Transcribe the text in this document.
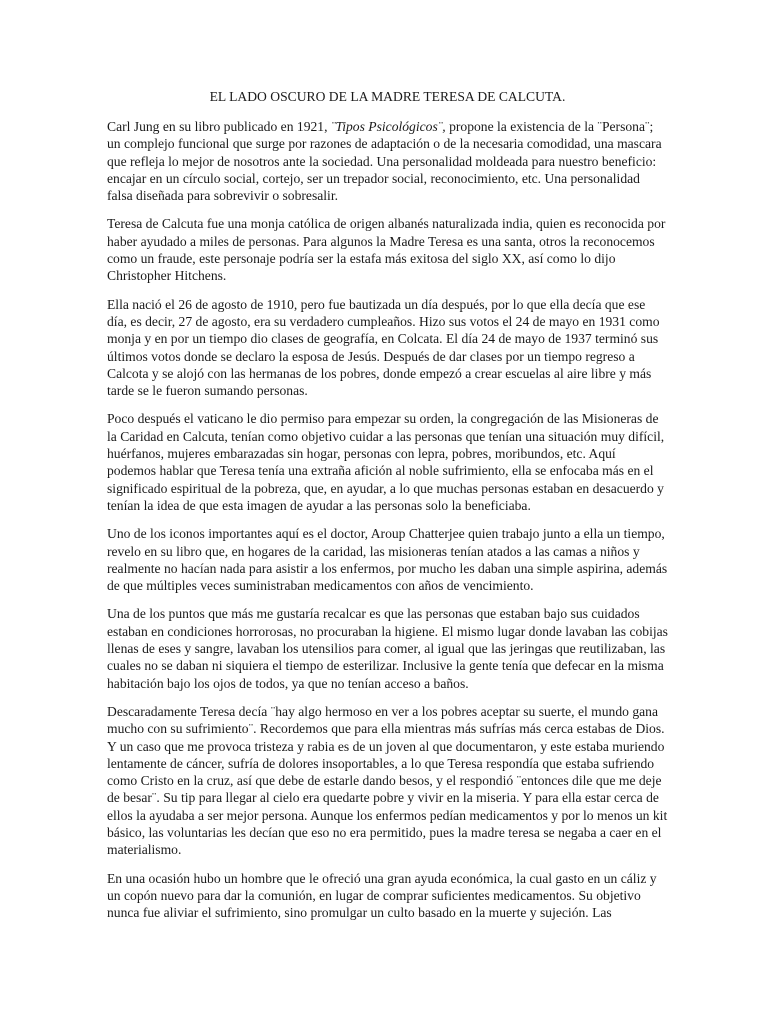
EL LADO OSCURO DE LA MADRE TERESA DE CALCUTA.

Carl Jung en su libro publicado en 1921, ¨Tipos Psicológicos¨, propone la existencia de la ¨Persona¨; un complejo funcional que surge por razones de adaptación o de la necesaria comodidad, una mascara que refleja lo mejor de nosotros ante la sociedad. Una personalidad moldeada para nuestro beneficio: encajar en un círculo social, cortejo, ser un trepador social, reconocimiento, etc. Una personalidad falsa diseñada para sobrevivir o sobresalir.

Teresa de Calcuta fue una monja católica de origen albanés naturalizada india, quien es reconocida por haber ayudado a miles de personas. Para algunos la Madre Teresa es una santa, otros la reconocemos como un fraude, este personaje podría ser la estafa más exitosa del siglo XX, así como lo dijo Christopher Hitchens.

Ella nació el 26 de agosto de 1910, pero fue bautizada un día después, por lo que ella decía que ese día, es decir, 27 de agosto, era su verdadero cumpleaños. Hizo sus votos el 24 de mayo en 1931 como monja y en por un tiempo dio clases de geografía, en Colcata. El día 24 de mayo de 1937 terminó sus últimos votos donde se declaro la esposa de Jesús. Después de dar clases por un tiempo regreso a Calcota y se alojó con las hermanas de los pobres, donde empezó a crear escuelas al aire libre y más tarde se le fueron sumando personas.

Poco después el vaticano le dio permiso para empezar su orden, la congregación de las Misioneras de la Caridad en Calcuta, tenían como objetivo cuidar a las personas que tenían una situación muy difícil, huérfanos, mujeres embarazadas sin hogar, personas con lepra, pobres, moribundos, etc. Aquí podemos hablar que Teresa tenía una extraña afición al noble sufrimiento, ella se enfocaba más en el significado espiritual de la pobreza, que, en ayudar, a lo que muchas personas estaban en desacuerdo y tenían la idea de que esta imagen de ayudar a las personas solo la beneficiaba.

Uno de los iconos importantes aquí es el doctor, Aroup Chatterjee quien trabajo junto a ella un tiempo, revelo en su libro que, en hogares de la caridad, las misioneras tenían atados a las camas a niños y realmente no hacían nada para asistir a los enfermos, por mucho les daban una simple aspirina, además de que múltiples veces suministraban medicamentos con años de vencimiento.

Una de los puntos que más me gustaría recalcar es que las personas que estaban bajo sus cuidados estaban en condiciones horrorosas, no procuraban la higiene. El mismo lugar donde lavaban las cobijas llenas de eses y sangre, lavaban los utensilios para comer, al igual que las jeringas que reutilizaban, las cuales no se daban ni siquiera el tiempo de esterilizar. Inclusive la gente tenía que defecar en la misma habitación bajo los ojos de todos, ya que no tenían acceso a baños.

Descaradamente Teresa decía ¨hay algo hermoso en ver a los pobres aceptar su suerte, el mundo gana mucho con su sufrimiento¨. Recordemos que para ella mientras más sufrías más cerca estabas de Dios. Y un caso que me provoca tristeza y rabia es de un joven al que documentaron, y este estaba muriendo lentamente de cáncer, sufría de dolores insoportables, a lo que Teresa respondía que estaba sufriendo como Cristo en la cruz, así que debe de estarle dando besos, y el respondió ¨entonces dile que me deje de besar¨. Su tip para llegar al cielo era quedarte pobre y vivir en la miseria. Y para ella estar cerca de ellos la ayudaba a ser mejor persona. Aunque los enfermos pedían medicamentos y por lo menos un kit básico, las voluntarias les decían que eso no era permitido, pues la madre teresa se negaba a caer en el materialismo.

En una ocasión hubo un hombre que le ofreció una gran ayuda económica, la cual gasto en un cáliz y un copón nuevo para dar la comunión, en lugar de comprar suficientes medicamentos. Su objetivo nunca fue aliviar el sufrimiento, sino promulgar un culto basado en la muerte y sujeción. Las
